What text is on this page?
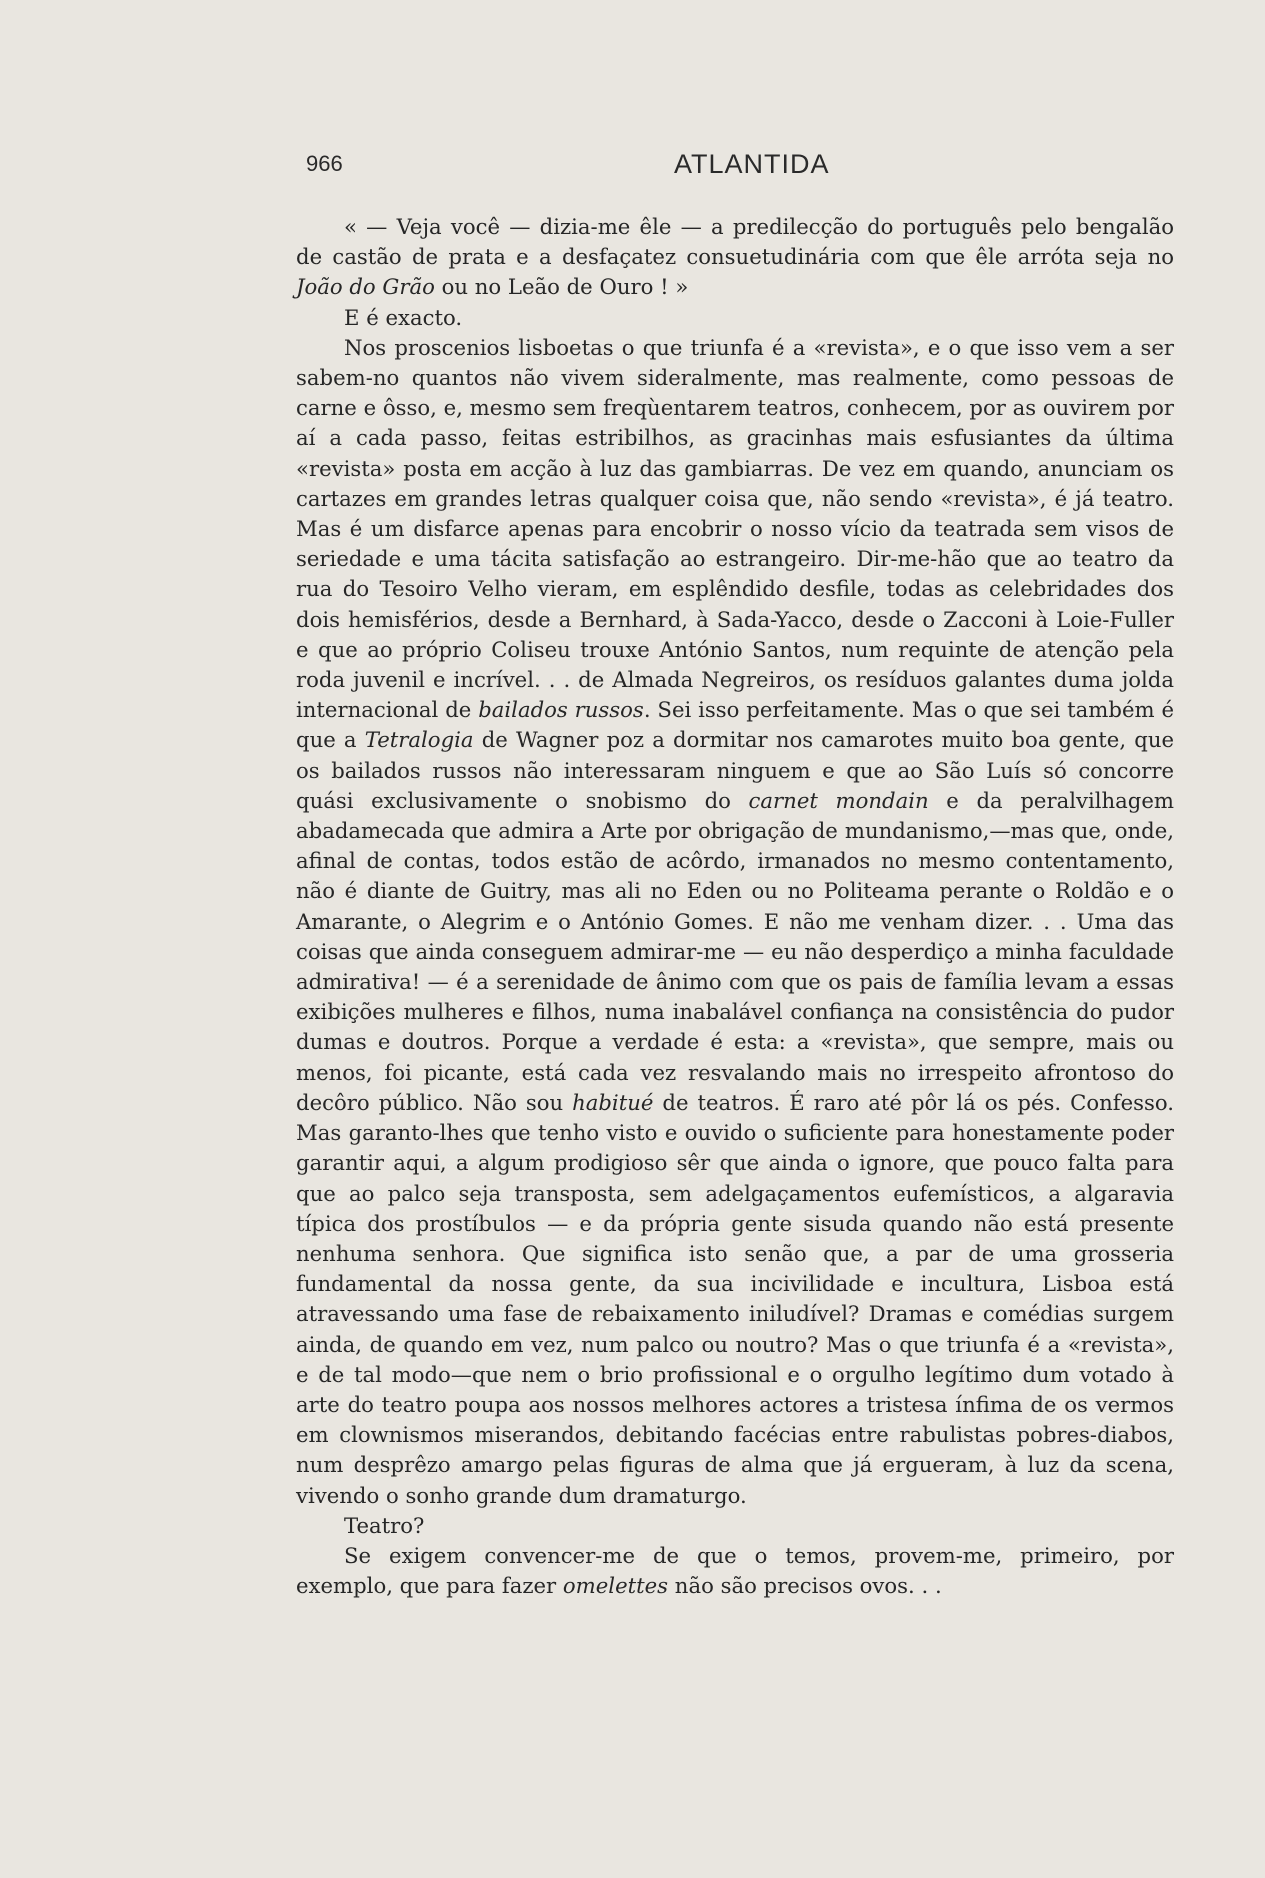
966	ATLANTIDA

« — Veja você — dizia-me êle — a predilecção do português pelo bengalão de castão de prata e a desfaçatez consuetudinária com que êle arróta seja no João do Grão ou no Leão de Ouro ! »

E é exacto.

Nos proscenios lisboetas o que triunfa é a «revista», e o que isso vem a ser sabem-no quantos não vivem sideralmente, mas realmente, como pessoas de carne e ôsso, e, mesmo sem freqùentarem teatros, conhecem, por as ouvirem por aí a cada passo, feitas estribilhos, as gracinhas mais esfusiantes da última «revista» posta em acção à luz das gambiarras. De vez em quando, anunciam os cartazes em grandes letras qualquer coisa que, não sendo «revista», é já teatro. Mas é um disfarce apenas para encobrir o nosso vício da teatrada sem visos de seriedade e uma tácita satisfação ao estrangeiro. Dir-me-hão que ao teatro da rua do Tesoiro Velho vieram, em esplêndido desfile, todas as celebridades dos dois hemisférios, desde a Bernhard, à Sada-Yacco, desde o Zacconi à Loie-Fuller e que ao próprio Coliseu trouxe António Santos, num requinte de atenção pela roda juvenil e incrível. . . de Almada Negreiros, os resíduos galantes duma jolda internacional de bailados russos. Sei isso perfeitamente. Mas o que sei também é que a Tetralogia de Wagner poz a dormitar nos camarotes muito boa gente, que os bailados russos não interessaram ninguem e que ao São Luís só concorre quási exclusivamente o snobismo do carnet mondain e da peralvilhagem abadamecada que admira a Arte por obrigação de mundanismo,—mas que, onde, afinal de contas, todos estão de acôrdo, irmanados no mesmo contentamento, não é diante de Guitry, mas ali no Eden ou no Politeama perante o Roldão e o Amarante, o Alegrim e o António Gomes. E não me venham dizer. . . Uma das coisas que ainda conseguem admirar-me — eu não desperdiço a minha faculdade admirativa! — é a serenidade de ânimo com que os pais de família levam a essas exibições mulheres e filhos, numa inabalável confiança na consistência do pudor dumas e doutros. Porque a verdade é esta: a «revista», que sempre, mais ou menos, foi picante, está cada vez resvalando mais no irrespeito afrontoso do decôro público. Não sou habitué de teatros. É raro até pôr lá os pés. Confesso. Mas garanto-lhes que tenho visto e ouvido o suficiente para honestamente poder garantir aqui, a algum prodigioso sêr que ainda o ignore, que pouco falta para que ao palco seja transposta, sem adelgaçamentos eufemísticos, a algaravia típica dos prostíbulos — e da própria gente sisuda quando não está presente nenhuma senhora. Que significa isto senão que, a par de uma grosseria fundamental da nossa gente, da sua incivilidade e incultura, Lisboa está atravessando uma fase de rebaixamento iniludível? Dramas e comédias surgem ainda, de quando em vez, num palco ou noutro? Mas o que triunfa é a «revista», e de tal modo—que nem o brio profissional e o orgulho legítimo dum votado à arte do teatro poupa aos nossos melhores actores a tristesa ínfima de os vermos em clownismos miserandos, debitando facécias entre rabulistas pobres-diabos, num desprêzo amargo pelas figuras de alma que já ergueram, à luz da scena, vivendo o sonho grande dum dramaturgo.

Teatro?

Se exigem convencer-me de que o temos, provem-me, primeiro, por exemplo, que para fazer omelettes não são precisos ovos. . .
